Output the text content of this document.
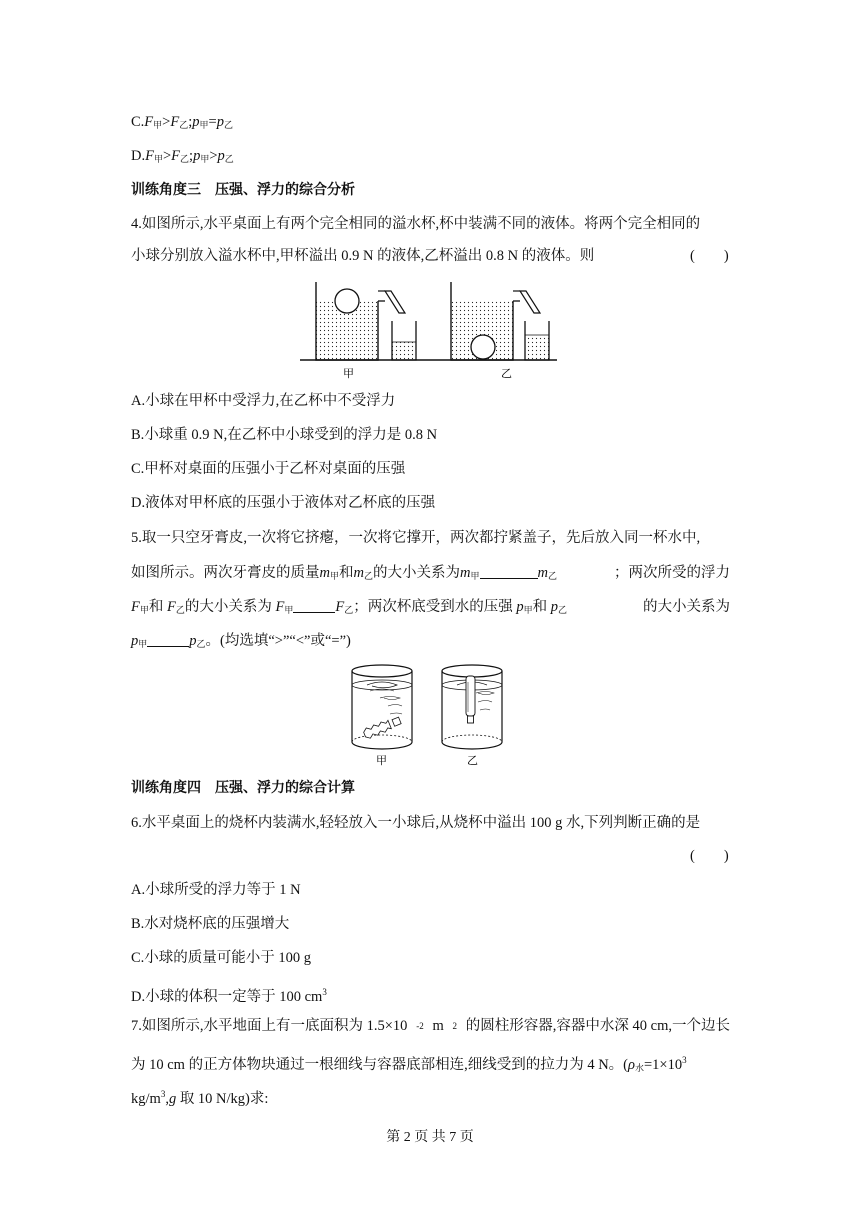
$C.F_甲>F_乙;p_甲=p_乙$
$D.F_甲>F_乙;p_甲>p_乙$
训练角度三　压强、浮力的综合分析
4.如图所示,水平桌面上有两个完全相同的溢水杯,杯中装满不同的液体。将两个完全相同的
小球分别放入溢水杯中,甲杯溢出 0.9 N 的液体,乙杯溢出 0.8 N 的液体。则	(　　)
甲	乙
A.小球在甲杯中受浮力,在乙杯中不受浮力
B.小球重 0.9 N,在乙杯中小球受到的浮力是 0.8 N
C.甲杯对桌面的压强小于乙杯对桌面的压强
D.液体对甲杯底的压强小于液体对乙杯底的压强
5.取一只空牙膏皮,一次将它挤瘪，一次将它撑开，两次都拧紧盖子，先后放入同一杯水中,
如图所示。两次牙膏皮的质量$m_甲$和$m_乙$的大小关系为$m_甲$	$m_乙$	；两次所受的浮力
$F_甲$和 $F_乙$的大小关系为 $F_甲$	$F_乙$；两次杯底受到水的压强 $p_甲$和 $p_乙$	的大小关系为
$p_甲$	$p_乙$。(均选填“>”“<”或“=”)
甲	乙
训练角度四　压强、浮力的综合计算
6.水平桌面上的烧杯内装满水,轻轻放入一小球后,从烧杯中溢出 100 g 水,下列判断正确的是
(　　)
A.小球所受的浮力等于 1 N
B.水对烧杯底的压强增大
C.小球的质量可能小于 100 g
D.小球的体积一定等于 100 $cm^3$
7.如图所示,水平地面上有一底面积为 1.5×10 -2 m 2 的圆柱形容器,容器中水深 40 cm,一个边长
为 10 cm 的正方体物块通过一根细线与容器底部相连,细线受到的拉力为 4 N。($\rho_水=1\times 10^3$
$kg/m^3,g$ 取 10 N/kg)求:
第 2 页 共 7 页
